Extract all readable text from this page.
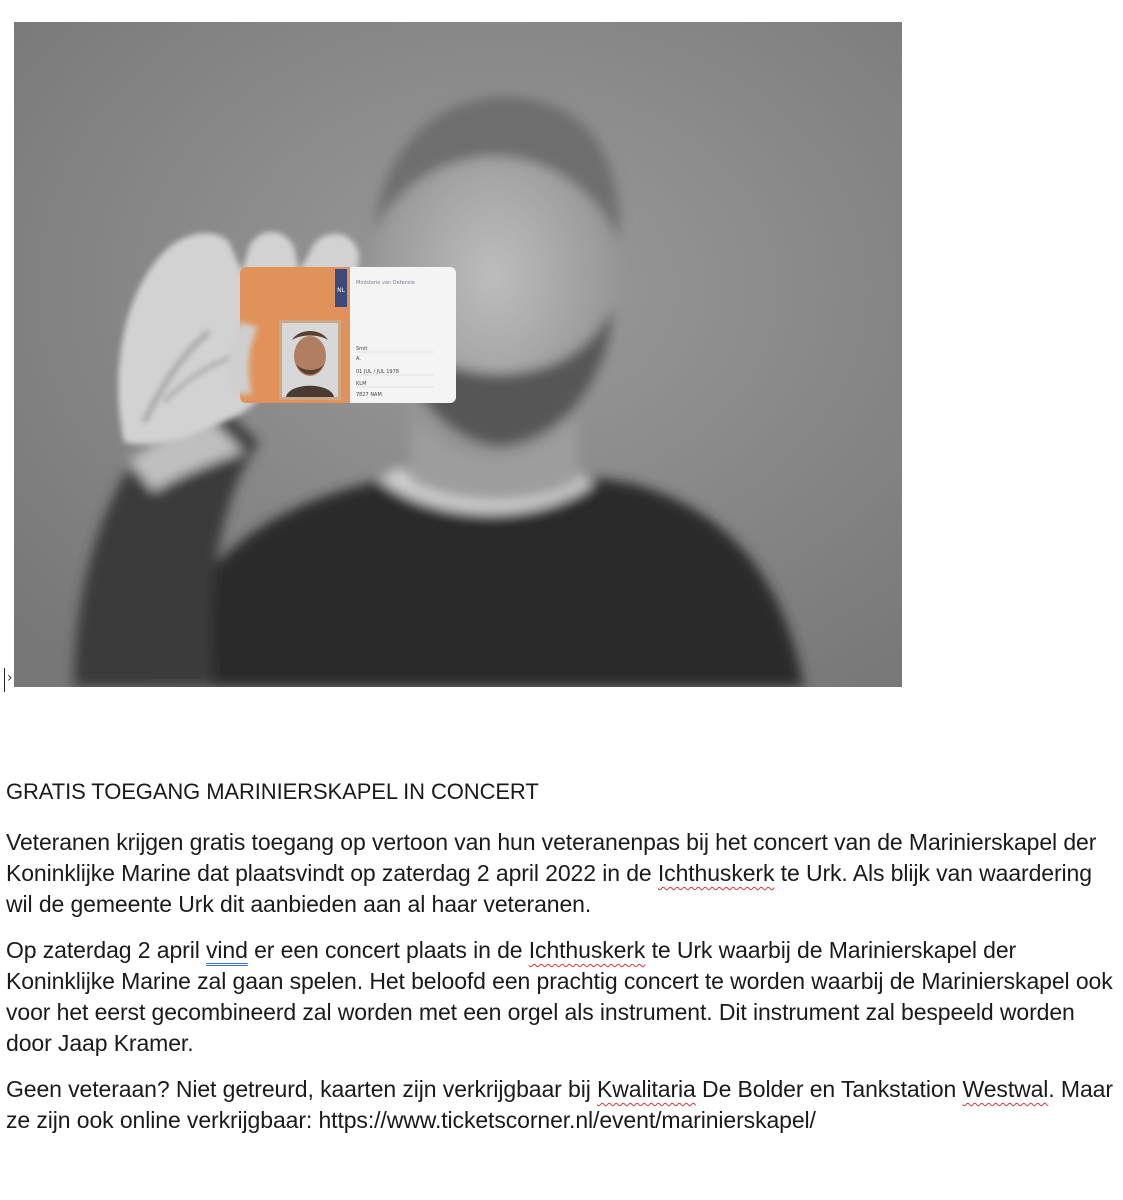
NL
Ministerie van Defensie
Smit
A.
01 JUL / JUL 1978
KLM
7827 NAM
›

GRATIS TOEGANG MARINIERSKAPEL IN CONCERT

Veteranen krijgen gratis toegang op vertoon van hun veteranenpas bij het concert van de Marinierskapel der Koninklijke Marine dat plaatsvindt op zaterdag 2 april 2022 in de Ichthuskerk te Urk. Als blijk van waardering wil de gemeente Urk dit aanbieden aan al haar veteranen.

Op zaterdag 2 april vind er een concert plaats in de Ichthuskerk te Urk waarbij de Marinierskapel der Koninklijke Marine zal gaan spelen. Het beloofd een prachtig concert te worden waarbij de Marinierskapel ook voor het eerst gecombineerd zal worden met een orgel als instrument. Dit instrument zal bespeeld worden door Jaap Kramer.

Geen veteraan? Niet getreurd, kaarten zijn verkrijgbaar bij Kwalitaria De Bolder en Tankstation Westwal. Maar ze zijn ook online verkrijgbaar: https://www.ticketscorner.nl/event/marinierskapel/
